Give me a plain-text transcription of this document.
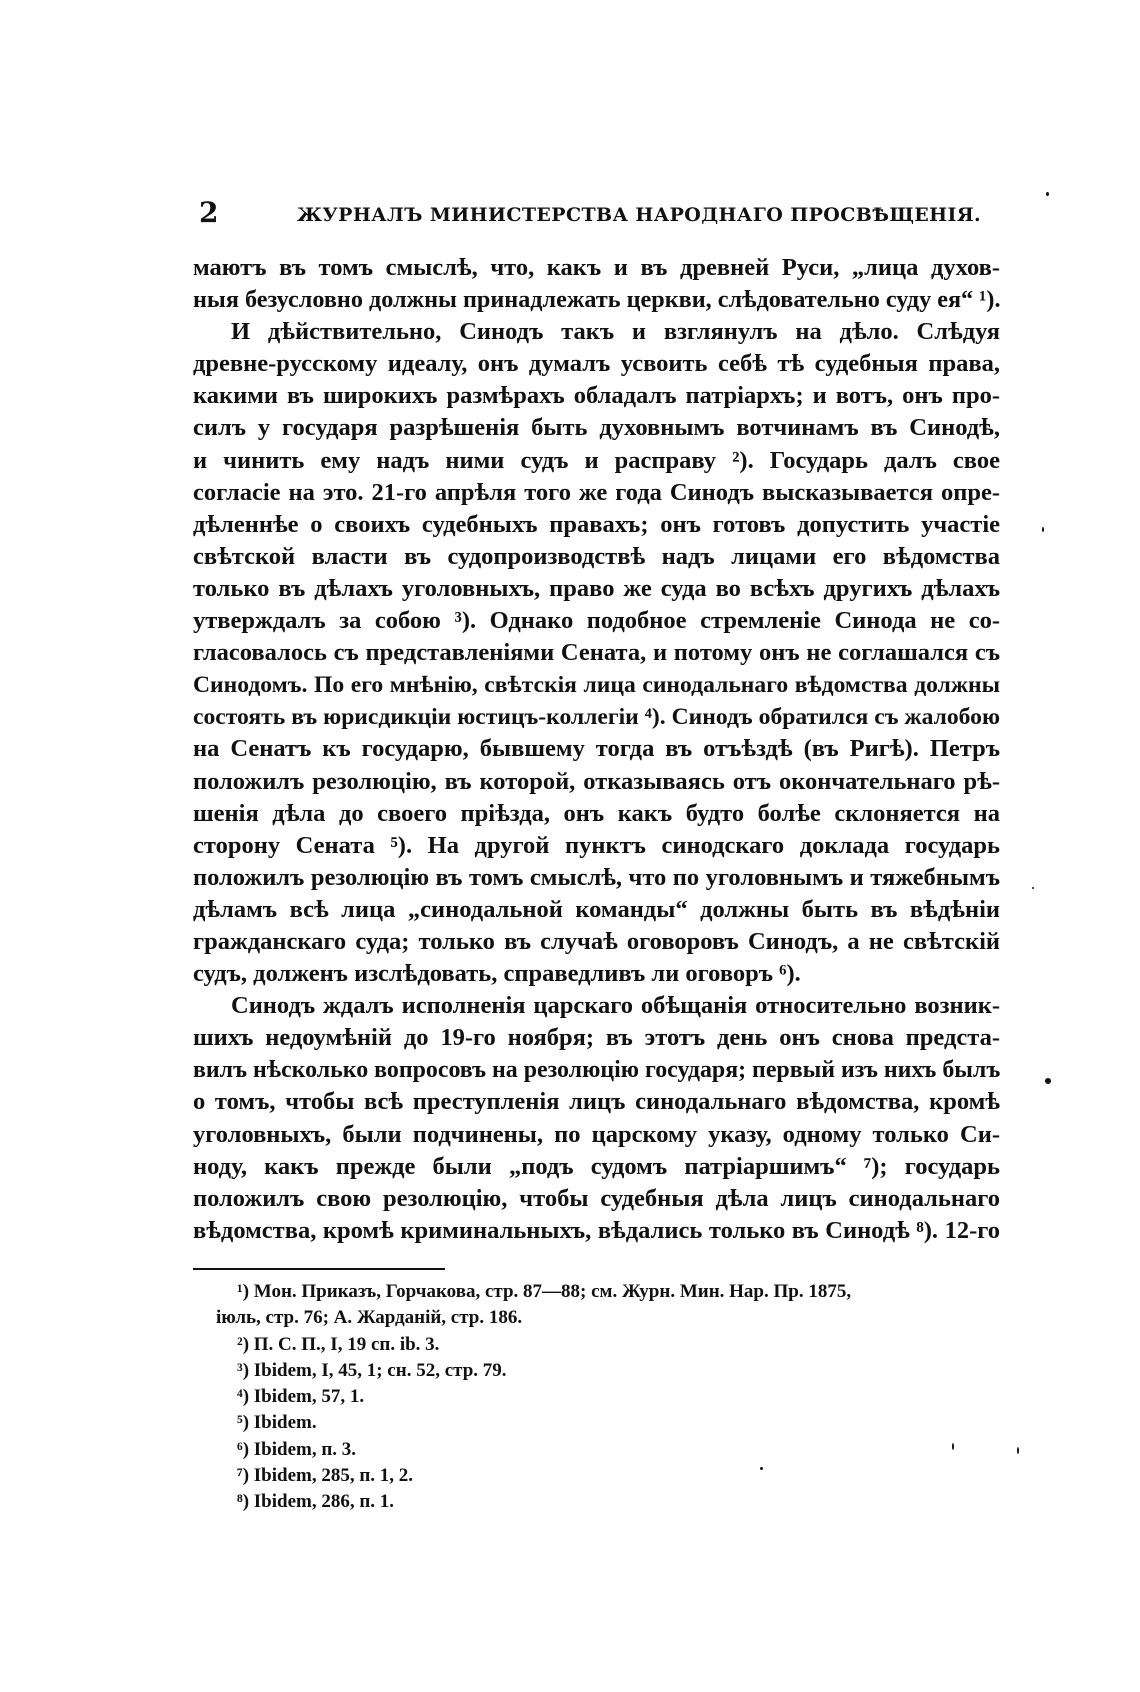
2	ЖУРНАЛЪ МИНИСТЕРСТВА НАРОДНАГО ПРОСВѢЩЕНІЯ.
маютъ въ томъ смыслѣ, что, какъ и въ древней Руси, „лица духов-
ныя безусловно должны принадлежать церкви, слѣдовательно суду ея“ ¹).
И дѣйствительно, Синодъ такъ и взглянулъ на дѣло. Слѣдуя
древне-русскому идеалу, онъ думалъ усвоить себѣ тѣ судебныя права,
какими въ широкихъ размѣрахъ обладалъ патріархъ; и вотъ, онъ про-
силъ у государя разрѣшенія быть духовнымъ вотчинамъ въ Синодѣ,
и чинить ему надъ ними судъ и расправу ²). Государь далъ свое
согласіе на это. 21-го апрѣля того же года Синодъ высказывается опре-
дѣленнѣе о своихъ судебныхъ правахъ; онъ готовъ допустить участіе
свѣтской власти въ судопроизводствѣ надъ лицами его вѣдомства
только въ дѣлахъ уголовныхъ, право же суда во всѣхъ другихъ дѣлахъ
утверждалъ за собою ³). Однако подобное стремленіе Синода не со-
гласовалось съ представленіями Сената, и потому онъ не соглашался съ
Синодомъ. По его мнѣнію, свѣтскія лица синодальнаго вѣдомства должны
состоять въ юрисдикціи юстицъ-коллегіи ⁴). Синодъ обратился съ жалобою
на Сенатъ къ государю, бывшему тогда въ отъѣздѣ (въ Ригѣ). Петръ
положилъ резолюцію, въ которой, отказываясь отъ окончательнаго рѣ-
шенія дѣла до своего пріѣзда, онъ какъ будто болѣе склоняется на
сторону Сената ⁵). На другой пунктъ синодскаго доклада государь
положилъ резолюцію въ томъ смыслѣ, что по уголовнымъ и тяжебнымъ
дѣламъ всѣ лица „синодальной команды“ должны быть въ вѣдѣніи
гражданскаго суда; только въ случаѣ оговоровъ Синодъ, а не свѣтскій
судъ, долженъ изслѣдовать, справедливъ ли оговоръ ⁶).
Синодъ ждалъ исполненія царскаго обѣщанія относительно возник-
шихъ недоумѣній до 19-го ноября; въ этотъ день онъ снова предста-
вилъ нѣсколько вопросовъ на резолюцію государя; первый изъ нихъ былъ
о томъ, чтобы всѣ преступленія лицъ синодальнаго вѣдомства, кромѣ
уголовныхъ, были подчинены, по царскому указу, одному только Си-
ноду, какъ прежде были „подъ судомъ патріаршимъ“ ⁷); государь
положилъ свою резолюцію, чтобы судебныя дѣла лицъ синодальнаго
вѣдомства, кромѣ криминальныхъ, вѣдались только въ Синодѣ ⁸). 12-го
¹) Мон. Приказъ, Горчакова, стр. 87—88; см. Журн. Мин. Нар. Пр. 1875,
іюль, стр. 76; А. Жарданій, стр. 186.
²) П. С. П., I, 19 сп. ib. 3.
³) Ibidem, I, 45, 1; сн. 52, стр. 79.
⁴) Ibidem, 57, 1.
⁵) Ibidem.
⁶) Ibidem, п. 3.
⁷) Ibidem, 285, п. 1, 2.
⁸) Ibidem, 286, п. 1.
